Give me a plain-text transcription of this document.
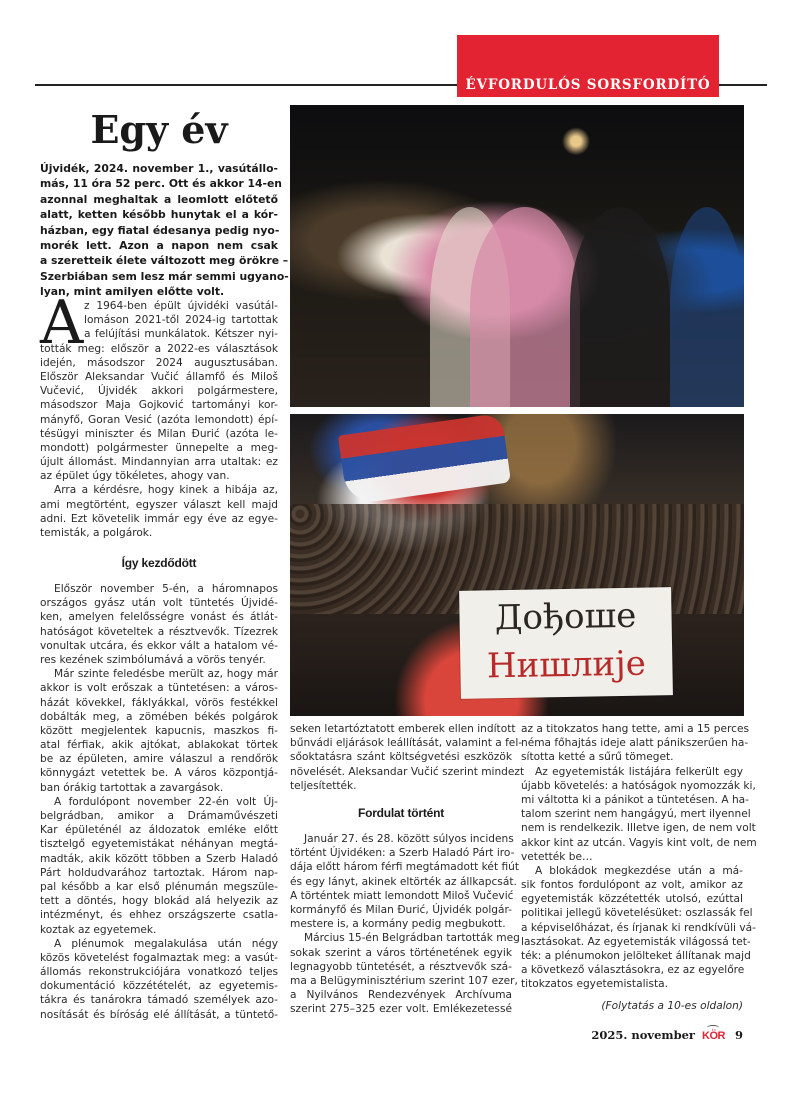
ÉVFORDULÓS SORSFORDÍTÓ
Egy év
Újvidék, 2024. november 1., vasútállo-
más, 11 óra 52 perc. Ott és akkor 14-en
azonnal meghaltak a leomlott előtető
alatt, ketten később hunytak el a kór-
házban, egy fiatal édesanya pedig nyo-
morék lett. Azon a napon nem csak
a szeretteik élete változott meg örökre –
Szerbiában sem lesz már semmi ugyano-
lyan, mint amilyen előtte volt.
A z 1964-ben épült újvidéki vasútál-
lomáson 2021-től 2024-ig tartottak
a felújítási munkálatok. Kétszer nyi-
tották meg: először a 2022-es választások
idején, másodszor 2024 augusztusában.
Először Aleksandar Vučić államfő és Miloš
Vučević, Újvidék akkori polgármestere,
másodszor Maja Gojković tartományi kor-
mányfő, Goran Vesić (azóta lemondott) épí-
tésügyi miniszter és Milan Đurić (azóta le-
mondott) polgármester ünnepelte a meg-
újult állomást. Mindannyian arra utaltak: ez
az épület úgy tökéletes, ahogy van.
Arra a kérdésre, hogy kinek a hibája az,
ami megtörtént, egyszer választ kell majd
adni. Ezt követelik immár egy éve az egye-
temisták, a polgárok.
Így kezdődött
Először november 5-én, a háromnapos
országos gyász után volt tüntetés Újvidé-
ken, amelyen felelősségre vonást és átlát-
hatóságot követeltek a résztvevők. Tízezrek
vonultak utcára, és ekkor vált a hatalom vé-
res kezének szimbólumává a vörös tenyér.
Már szinte feledésbe merült az, hogy már
akkor is volt erőszak a tüntetésen: a város-
házát kövekkel, fáklyákkal, vörös festékkel
dobálták meg, a zömében békés polgárok
között megjelentek kapucnis, maszkos fi-
atal férfiak, akik ajtókat, ablakokat törtek
be az épületen, amire válaszul a rendőrök
könnygázt vetettek be. A város központjá-
ban órákig tartottak a zavargások.
A fordulópont november 22-én volt Új-
belgrádban, amikor a Drámaművészeti
Kar épületénél az áldozatok emléke előtt
tisztelgő egyetemistákat néhányan megtá-
madták, akik között többen a Szerb Haladó
Párt holdudvarához tartoztak. Három nap-
pal később a kar első plénumán megszüle-
tett a döntés, hogy blokád alá helyezik az
intézményt, és ehhez országszerte csatla-
koztak az egyetemek.
A plénumok megalakulása után négy
közös követelést fogalmaztak meg: a vasút-
állomás rekonstrukciójára vonatkozó teljes
dokumentáció közzétételét, az egyetemis-
tákra és tanárokra támadó személyek azo-
nosítását és bíróság elé állítását, a tüntető-
Дођоше
Нишлије
seken letartóztatott emberek ellen indított
bűnvádi eljárások leállítását, valamint a fel-
sőoktatásra szánt költségvetési eszközök
növelését. Aleksandar Vučić szerint mindezt
teljesítették.
Fordulat történt
Január 27. és 28. között súlyos incidens
történt Újvidéken: a Szerb Haladó Párt iro-
dája előtt három férfi megtámadott két fiút
és egy lányt, akinek eltörték az állkapcsát.
A történtek miatt lemondott Miloš Vučević
kormányfő és Milan Đurić, Újvidék polgár-
mestere is, a kormány pedig megbukott.
Március 15-én Belgrádban tartották meg
sokak szerint a város történetének egyik
legnagyobb tüntetését, a résztvevők szá-
ma a Belügyminisztérium szerint 107 ezer,
a Nyilvános Rendezvények Archívuma
szerint 275–325 ezer volt. Emlékezetessé
az a titokzatos hang tette, ami a 15 perces
néma főhajtás ideje alatt pánikszerűen ha-
sította ketté a sűrű tömeget.
Az egyetemisták listájára felkerült egy
újabb követelés: a hatóságok nyomozzák ki,
mi váltotta ki a pánikot a tüntetésen. A ha-
talom szerint nem hangágyú, mert ilyennel
nem is rendelkezik. Illetve igen, de nem volt
akkor kint az utcán. Vagyis kint volt, de nem
vetették be…
A blokádok megkezdése után a má-
sik fontos fordulópont az volt, amikor az
egyetemisták közzétették utolsó, ezúttal
politikai jellegű követelésüket: oszlassák fel
a képviselőházat, és írjanak ki rendkívüli vá-
lasztásokat. Az egyetemisták világossá tet-
ték: a plénumokon jelölteket állítanak majd
a következő választásokra, ez az egyelőre
titokzatos egyetemistalista.
(Folytatás a 10-es oldalon)
2025. november KÖR 9
